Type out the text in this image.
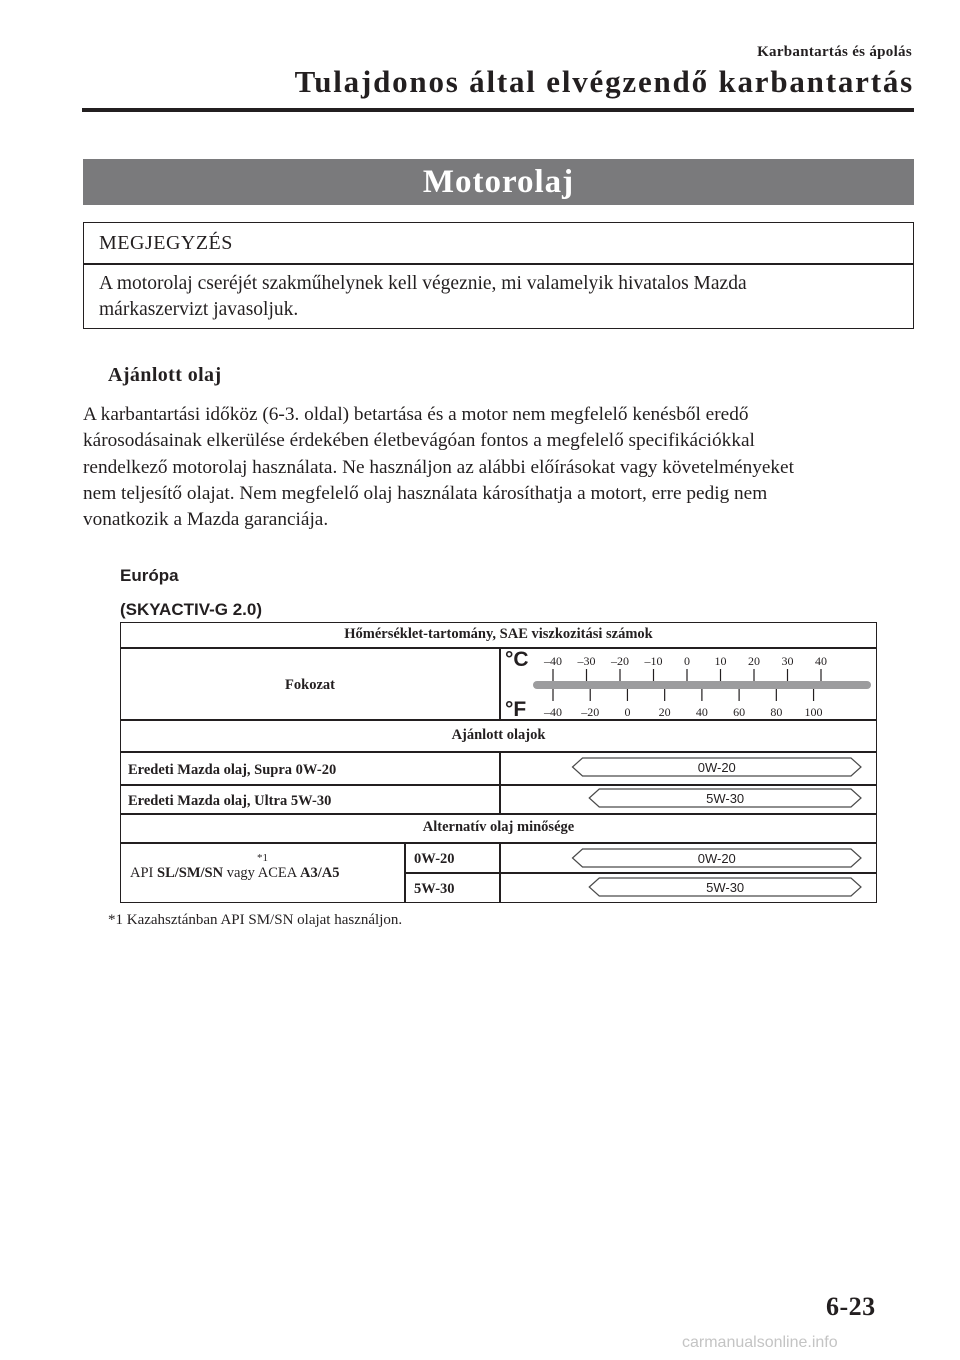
Karbantartás és ápolás
Tulajdonos által elvégzendő karbantartás
Motorolaj
MEGJEGYZÉS
A motorolaj cseréjét szakműhelynek kell végeznie, mi valamelyik hivatalos Mazda
márkaszervizt javasoljuk.
Ajánlott olaj
A karbantartási időköz (6-3. oldal) betartása és a motor nem megfelelő kenésből eredő
károsodásainak elkerülése érdekében életbevágóan fontos a megfelelő specifikációkkal
rendelkező motorolaj használata. Ne használjon az alábbi előírásokat vagy követelményeket
nem teljesítő olajat. Nem megfelelő olaj használata károsíthatja a motort, erre pedig nem
vonatkozik a Mazda garanciája.
Európa
(SKYACTIV-G 2.0)
Hőmérséklet-tartomány, SAE viszkozitási számok
Fokozat
Ajánlott olajok
Eredeti Mazda olaj, Supra 0W-20
Eredeti Mazda olaj, Ultra 5W-30
Alternatív olaj minősége
*1
API SL/SM/SN vagy ACEA A3/A5
0W-20
5W-30
°C
°F
–40 –30 –20 –10 0 10 20 30 40
–40 –20 0 20 40 60 80 100
0W-20
5W-30
0W-20
5W-30
*1 Kazahsztánban API SM/SN olajat használjon.
6-23
carmanualsonline.info
